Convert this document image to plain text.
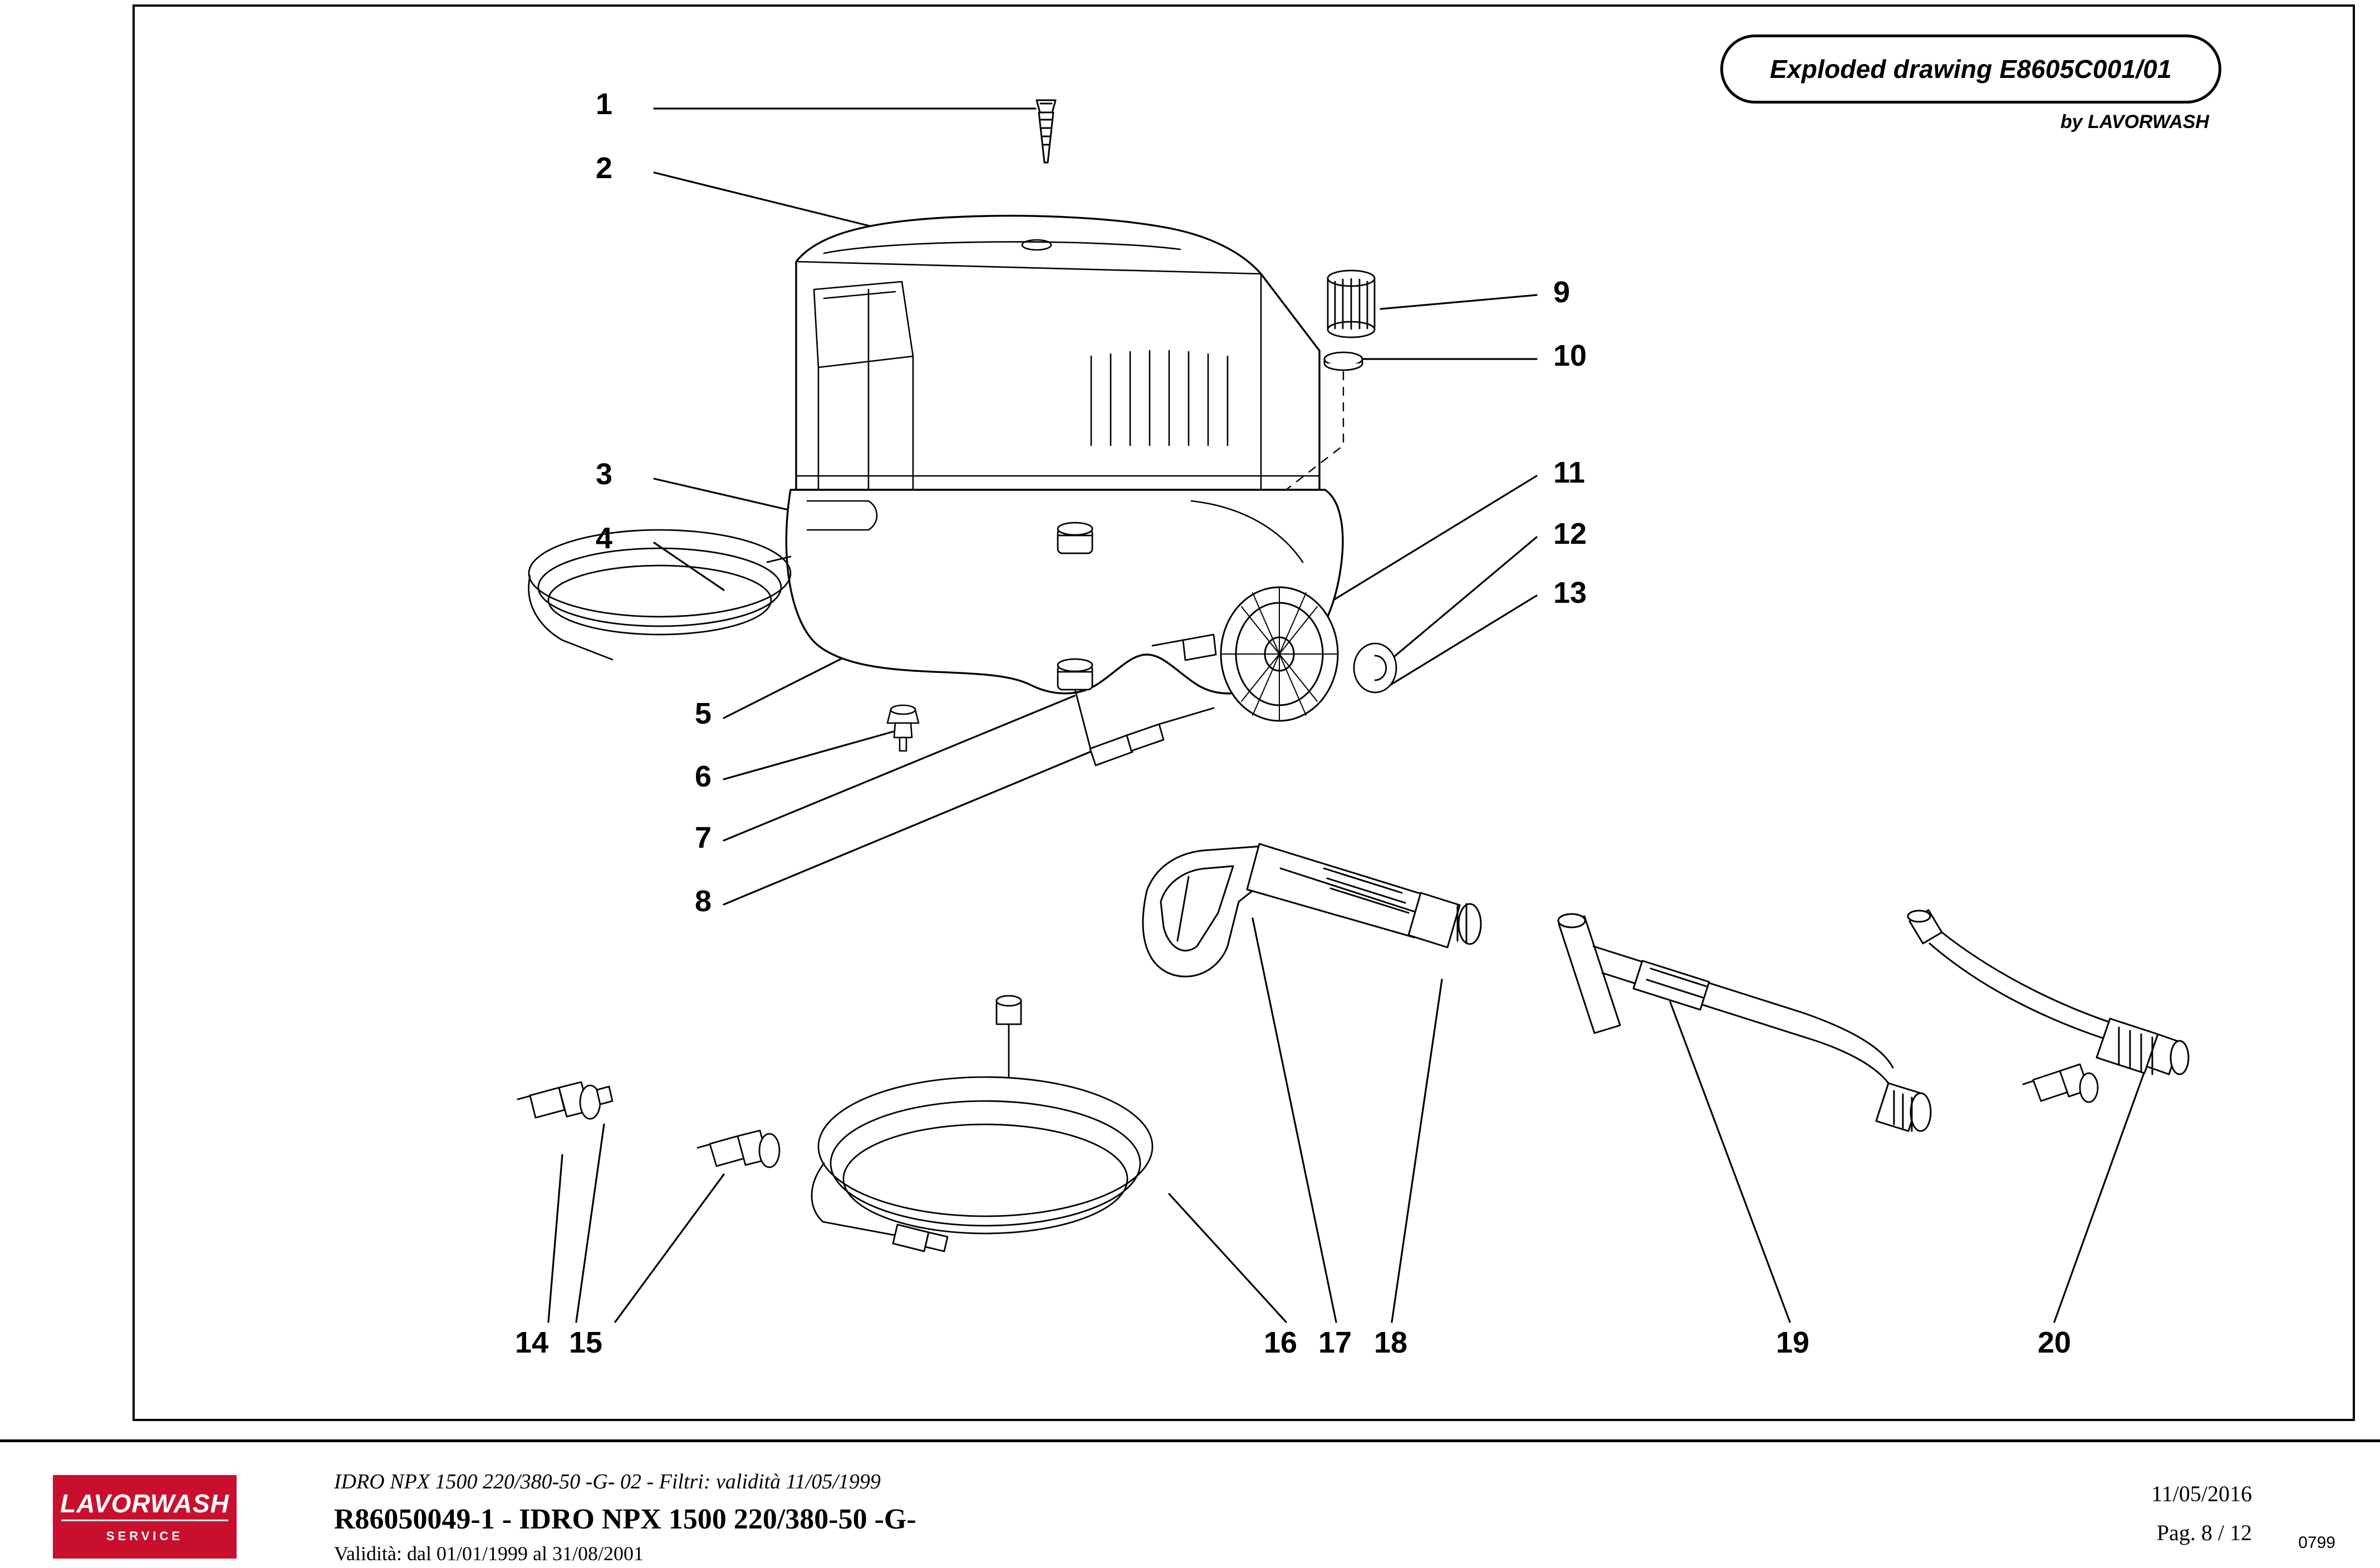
1
2
3
4
5
6
7
8
9
10
11
12
13
14 15	16 17 18	19	20
Exploded drawing E8605C001/01
by LAVORWASH
0799
LAVORWASH
SERVICE
IDRO NPX 1500 220/380-50 -G- 02 - Filtri: validità 11/05/1999
R86050049-1 - IDRO NPX 1500 220/380-50 -G-
Validità: dal 01/01/1999 al 31/08/2001
11/05/2016
Pag. 8 / 12
